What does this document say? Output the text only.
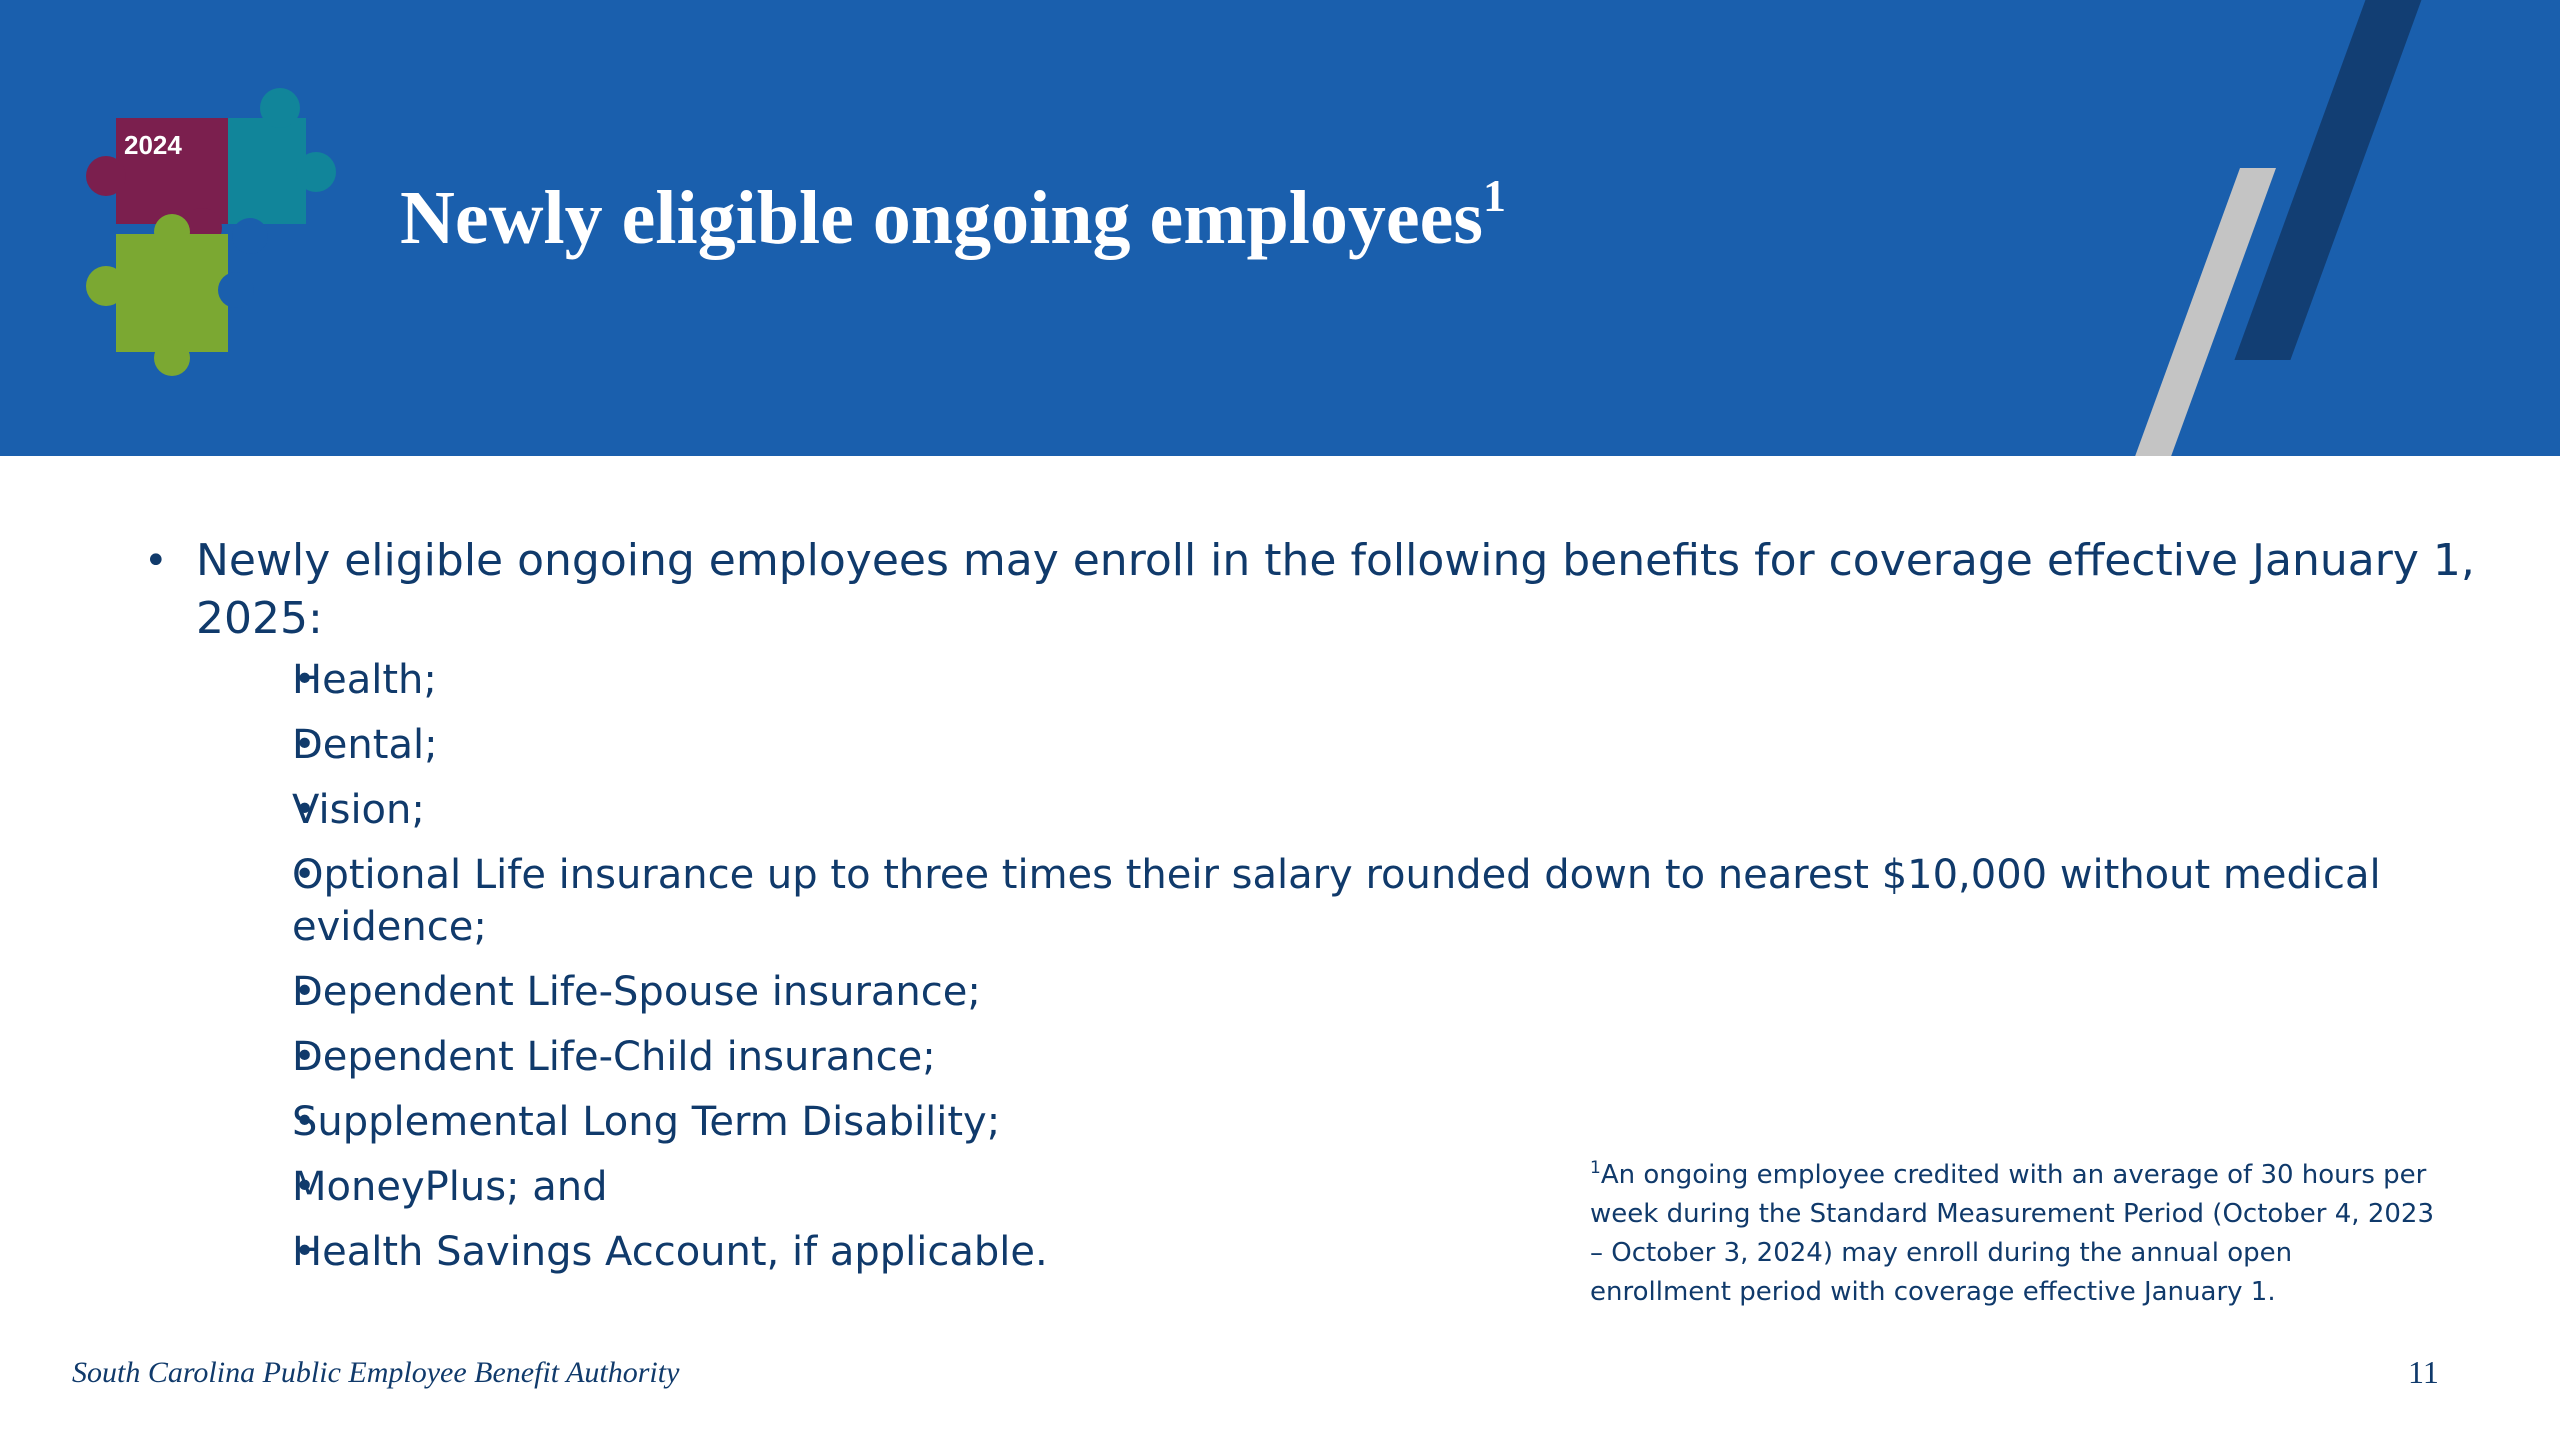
2024
Newly eligible ongoing employees$^1$
• Newly eligible ongoing employees may enroll in the following benefits for coverage effective January 1, 2025:
• Health;
• Dental;
• Vision;
• Optional Life insurance up to three times their salary rounded down to nearest $10,000 without medical evidence;
• Dependent Life-Spouse insurance;
• Dependent Life-Child insurance;
• Supplemental Long Term Disability;
• MoneyPlus; and
• Health Savings Account, if applicable.
$^1$An ongoing employee credited with an average of 30 hours per week during the Standard Measurement Period (October 4, 2023 – October 3, 2024) may enroll during the annual open enrollment period with coverage effective January 1.
South Carolina Public Employee Benefit Authority	11
